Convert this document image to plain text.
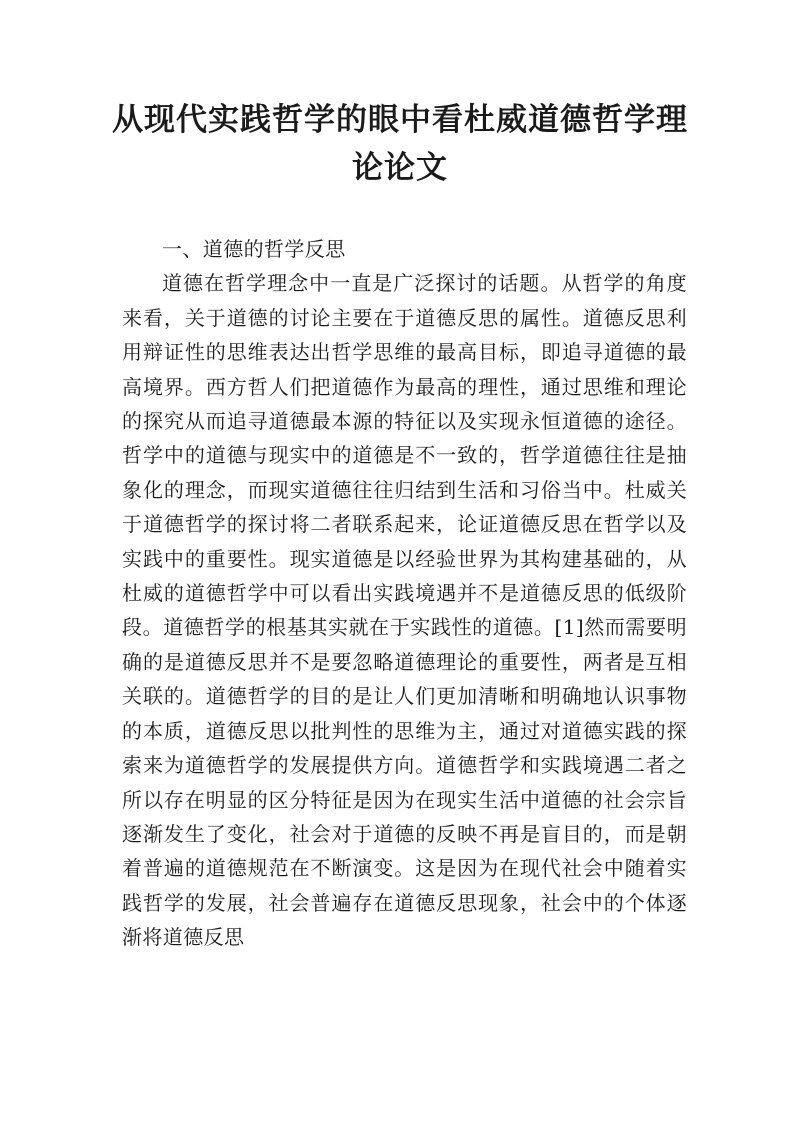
从现代实践哲学的眼中看杜威道德哲学理
论论文

一、道德的哲学反思

道德在哲学理念中一直是广泛探讨的话题。从哲学的角度来看，关于道德的讨论主要在于道德反思的属性。道德反思利用辩证性的思维表达出哲学思维的最高目标，即追寻道德的最高境界。西方哲人们把道德作为最高的理性，通过思维和理论的探究从而追寻道德最本源的特征以及实现永恒道德的途径。哲学中的道德与现实中的道德是不一致的，哲学道德往往是抽象化的理念，而现实道德往往归结到生活和习俗当中。杜威关于道德哲学的探讨将二者联系起来，论证道德反思在哲学以及实践中的重要性。现实道德是以经验世界为其构建基础的，从杜威的道德哲学中可以看出实践境遇并不是道德反思的低级阶段。道德哲学的根基其实就在于实践性的道德。[1]然而需要明确的是道德反思并不是要忽略道德理论的重要性，两者是互相关联的。道德哲学的目的是让人们更加清晰和明确地认识事物的本质，道德反思以批判性的思维为主，通过对道德实践的探索来为道德哲学的发展提供方向。道德哲学和实践境遇二者之所以存在明显的区分特征是因为在现实生活中道德的社会宗旨逐渐发生了变化，社会对于道德的反映不再是盲目的，而是朝着普遍的道德规范在不断演变。这是因为在现代社会中随着实践哲学的发展，社会普遍存在道德反思现象，社会中的个体逐渐将道德反思
